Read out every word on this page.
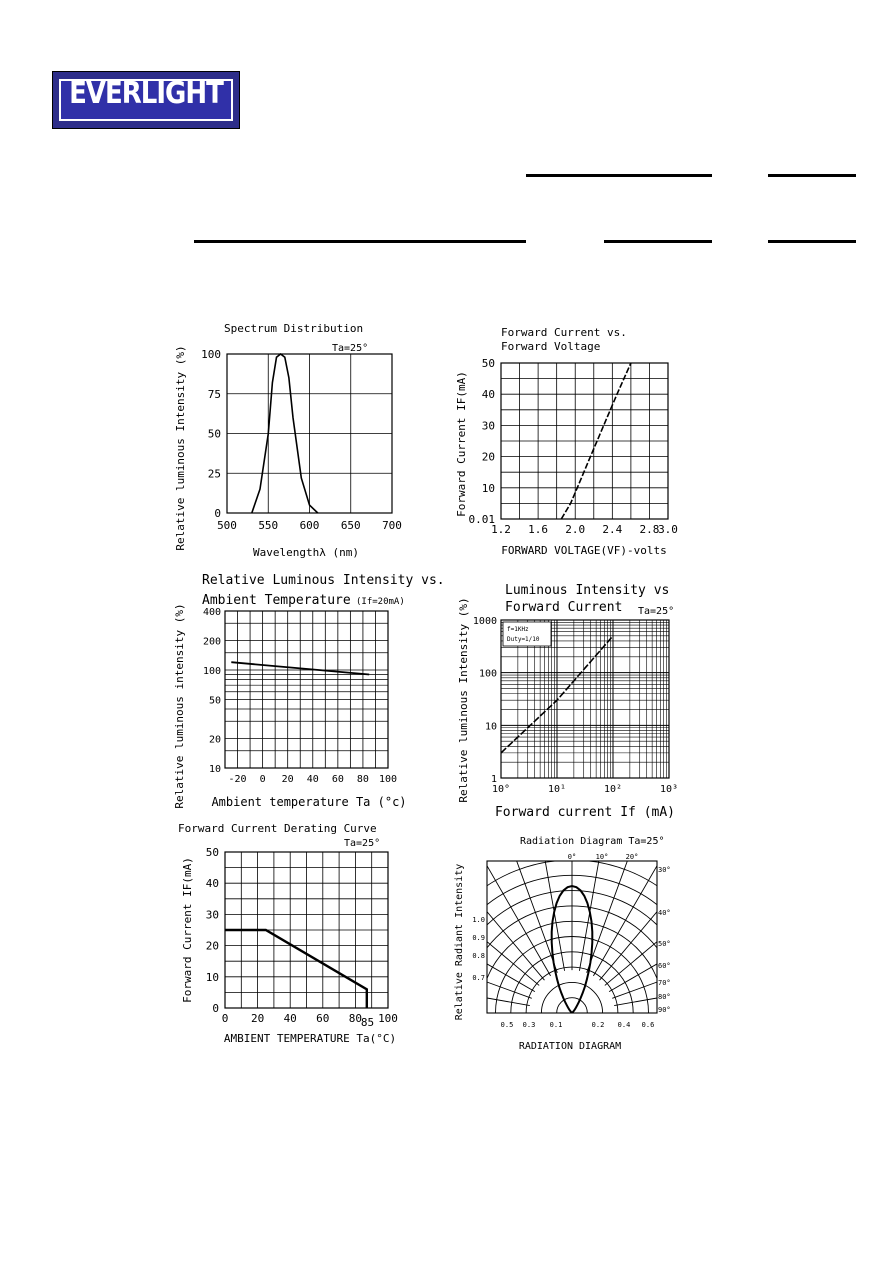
EVERLIGHT
500 550 600 650 700
0
25
50
75
100
Spectrum Distribution
Ta=25°
Wavelengthλ (nm)
Relative luminous Intensity (%)	1.2 1.6 2.0 2.4 2.8
3.0
0.01
10
20
30
40
50
Forward Current vs.
Forward Voltage
FORWARD VOLTAGE(VF)-volts
Forward Current IF(mA)
-20 0 20 40 60 80 100
10
20
50
100
200
400
Relative Luminous Intensity vs.
Ambient Temperature (If=20mA)
Ambient temperature Ta (°c)
Relative luminous intensity (%)	10°	10¹	10²	10³
1
10
100
1000
f=1KHz
Duty=1/10
Luminous Intensity vs
Forward Current Ta=25°
Forward current If (mA)
Relative luminous Intensity (%)
0 20 40 60 80 100
85
0
10
20
30
40
50
Forward Current Derating Curve
Ta=25°
AMBIENT TEMPERATURE Ta(°C)
Forward Current IF(mA)
Radiation Diagram Ta=25°
0°	10° 20°
30°
40°
50°
60°
70°
80°
90°
1.0
0.9
0.8
0.7
0.5 0.3 0.1	0.2 0.4 0.6
RADIATION DIAGRAM
Relative Radiant Intensity
